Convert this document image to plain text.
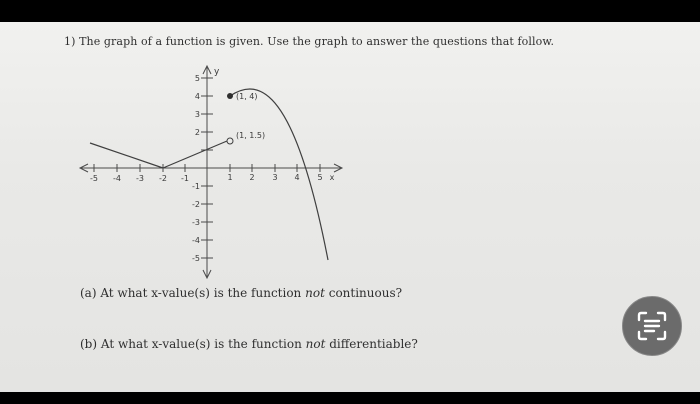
1) The graph of a function is given. Use the graph to answer the questions that follow.

-5 -4 -3 -2 -1	1 2 3 4 5 x
5
4
3
2
-1
-2
-3
-4
-5
y
(1, 4)
(1, 1.5)

(a) At what x-value(s) is the function not continuous?

(b) At what x-value(s) is the function not differentiable?
